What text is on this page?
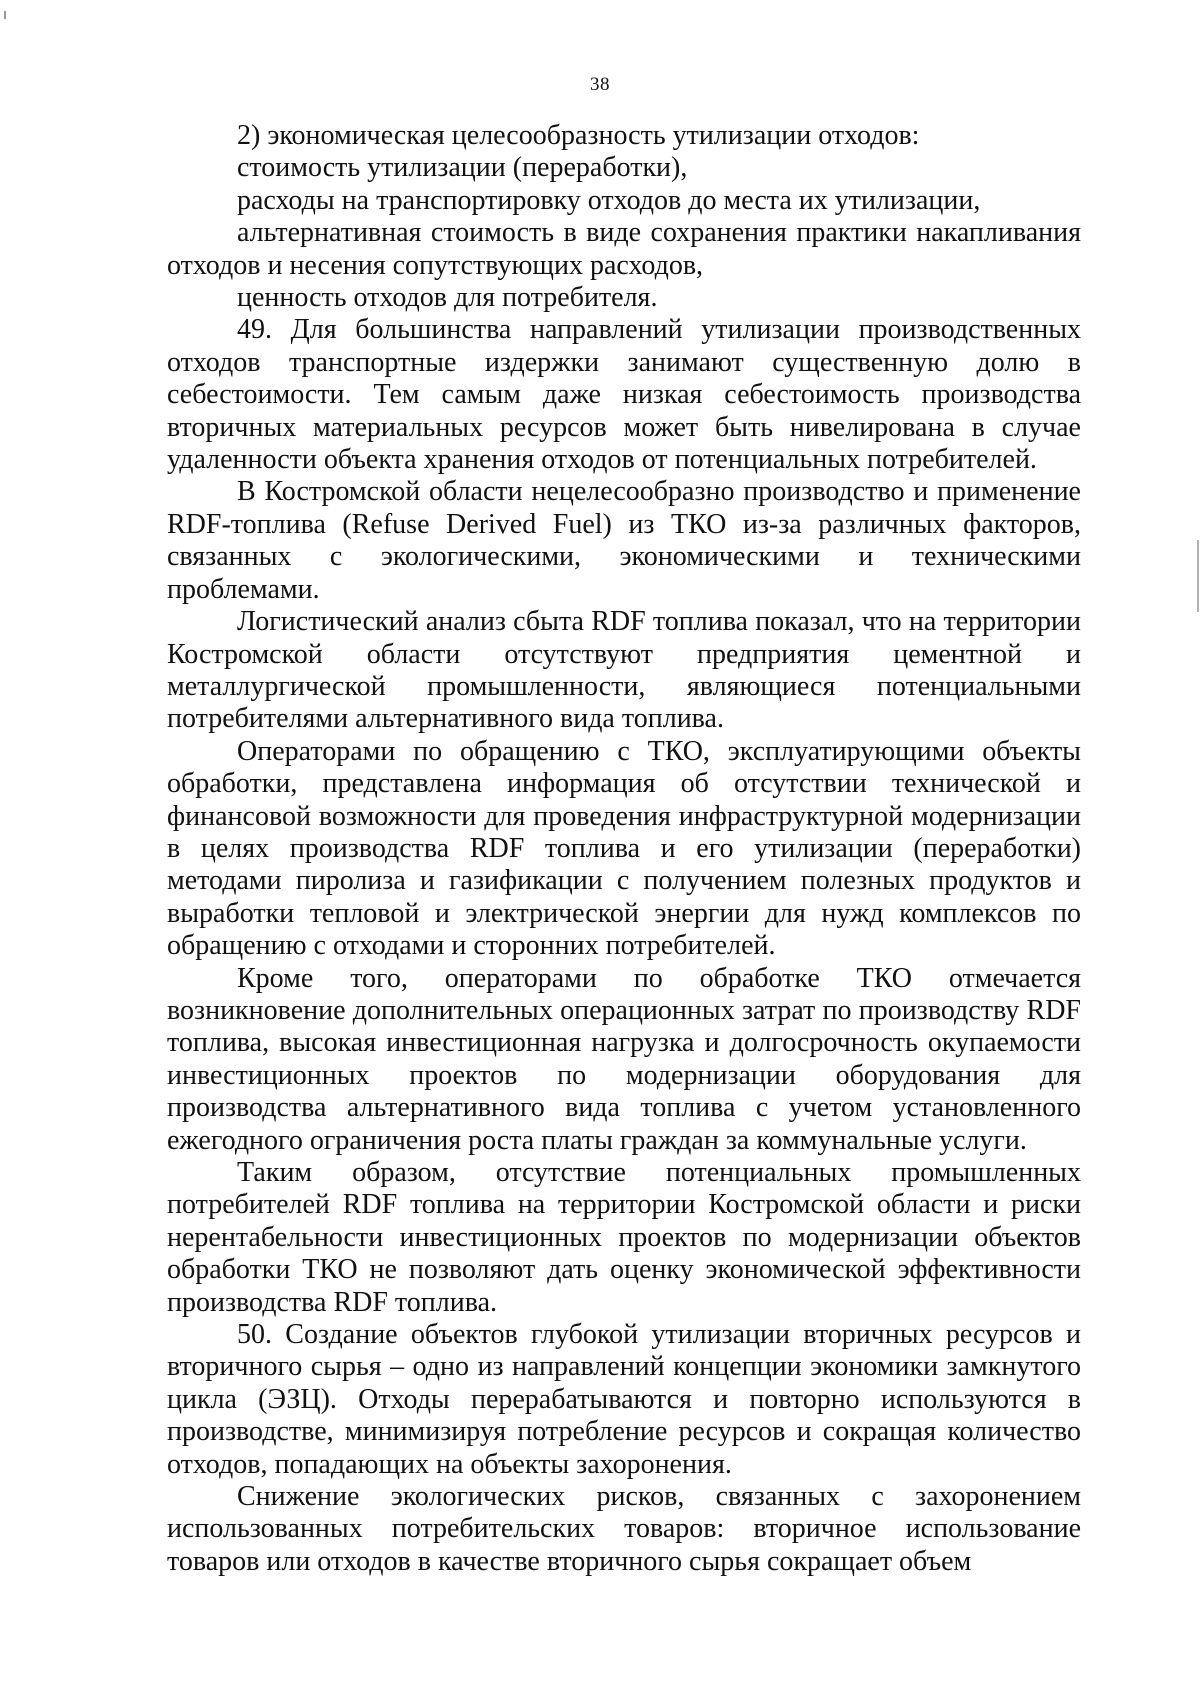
38

2) экономическая целесообразность утилизации отходов:

стоимость утилизации (переработки),

расходы на транспортировку отходов до места их утилизации,

альтернативная стоимость в виде сохранения практики накапливания отходов и несения сопутствующих расходов,

ценность отходов для потребителя.

49. Для большинства направлений утилизации производственных отходов транспортные издержки занимают существенную долю в себестоимости. Тем самым даже низкая себестоимость производства вторичных материальных ресурсов может быть нивелирована в случае удаленности объекта хранения отходов от потенциальных потребителей.

В Костромской области нецелесообразно производство и применение RDF-топлива (Refuse Derived Fuel) из ТКО из-за различных факторов, связанных с экологическими, экономическими и техническими проблемами.

Логистический анализ сбыта RDF топлива показал, что на территории Костромской области отсутствуют предприятия цементной и металлургической промышленности, являющиеся потенциальными потребителями альтернативного вида топлива.

Операторами по обращению с ТКО, эксплуатирующими объекты обработки, представлена информация об отсутствии технической и финансовой возможности для проведения инфраструктурной модернизации в целях производства RDF топлива и его утилизации (переработки) методами пиролиза и газификации с получением полезных продуктов и выработки тепловой и электрической энергии для нужд комплексов по обращению с отходами и сторонних потребителей.

Кроме того, операторами по обработке ТКО отмечается возникновение дополнительных операционных затрат по производству RDF топлива, высокая инвестиционная нагрузка и долгосрочность окупаемости инвестиционных проектов по модернизации оборудования для производства альтернативного вида топлива с учетом установленного ежегодного ограничения роста платы граждан за коммунальные услуги.

Таким образом, отсутствие потенциальных промышленных потребителей RDF топлива на территории Костромской области и риски нерентабельности инвестиционных проектов по модернизации объектов обработки ТКО не позволяют дать оценку экономической эффективности производства RDF топлива.

50. Создание объектов глубокой утилизации вторичных ресурсов и вторичного сырья – одно из направлений концепции экономики замкнутого цикла (ЭЗЦ). Отходы перерабатываются и повторно используются в производстве, минимизируя потребление ресурсов и сокращая количество отходов, попадающих на объекты захоронения.

Снижение экологических рисков, связанных с захоронением использованных потребительских товаров: вторичное использование товаров или отходов в качестве вторичного сырья сокращает объем
